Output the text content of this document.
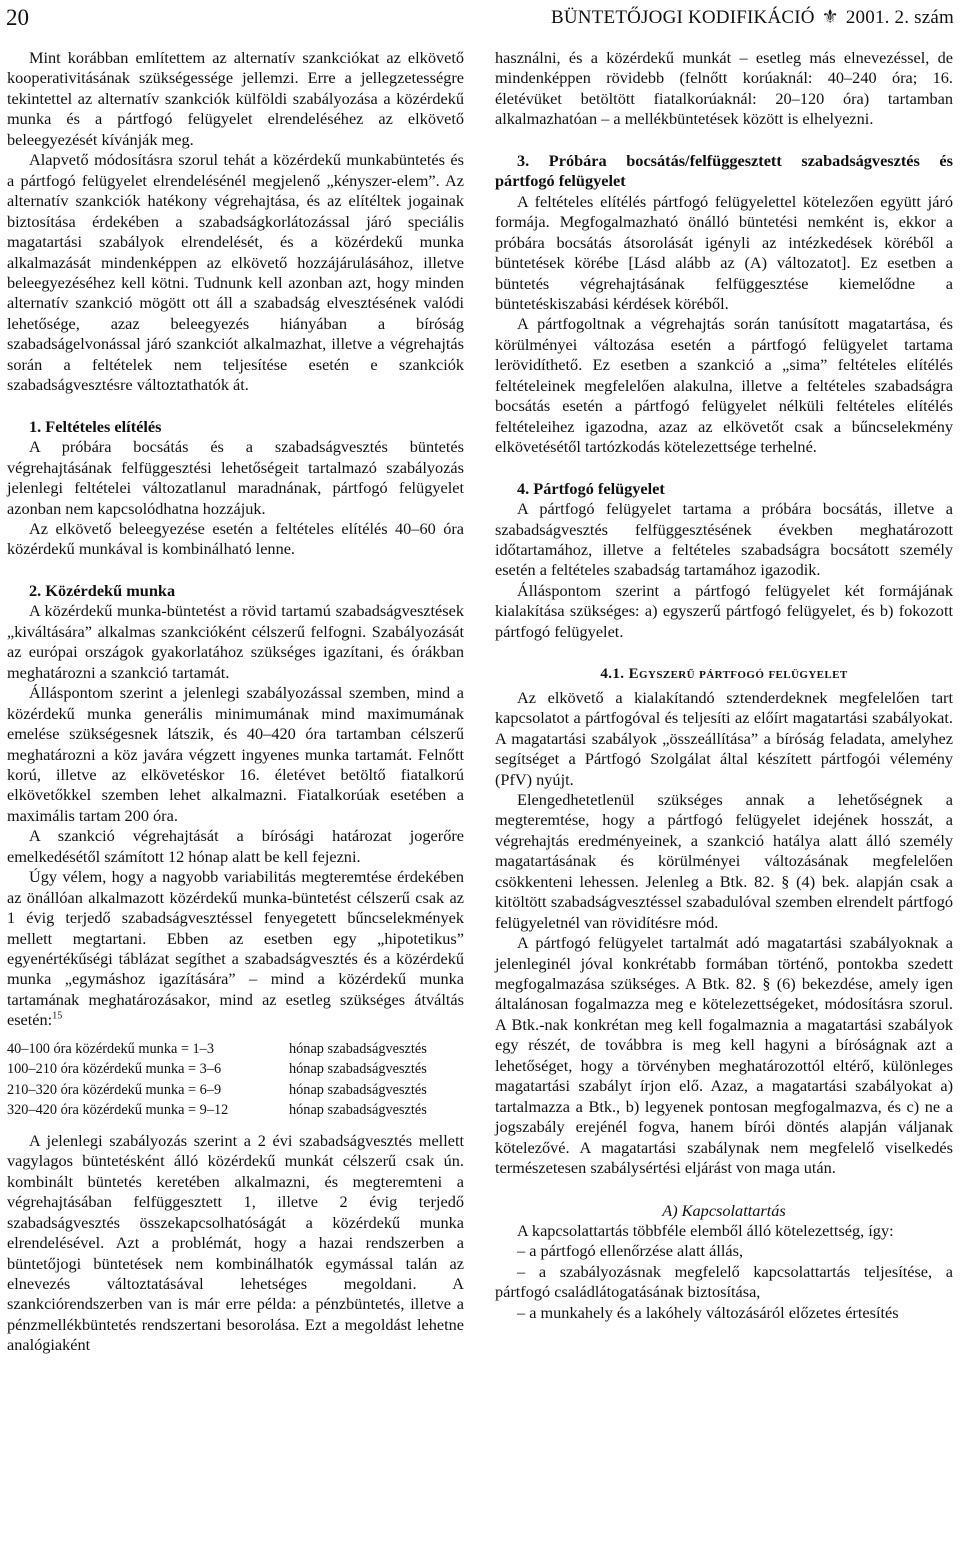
20	BÜNTETŐJOGI KODIFIKÁCIÓ ⚜ 2001. 2. szám

Mint korábban említettem az alternatív szankciókat az elkövető kooperativitásának szükségessége jellemzi. Erre a jellegzetességre tekintettel az alternatív szankciók külföldi szabályozása a közérdekű munka és a pártfogó felügyelet elrendeléséhez az elkövető beleegyezését kívánják meg.

Alapvető módosításra szorul tehát a közérdekű munkabüntetés és a pártfogó felügyelet elrendelésénél megjelenő „kényszer-elem”. Az alternatív szankciók hatékony végrehajtása, és az elítéltek jogainak biztosítása érdekében a szabadságkorlátozással járó speciális magatartási szabályok elrendelését, és a közérdekű munka alkalmazását mindenképpen az elkövető hozzájárulásához, illetve beleegyezéséhez kell kötni. Tudnunk kell azonban azt, hogy minden alternatív szankció mögött ott áll a szabadság elvesztésének valódi lehetősége, azaz beleegyezés hiányában a bíróság szabadságelvonással járó szankciót alkalmazhat, illetve a végrehajtás során a feltételek nem teljesítése esetén e szankciók szabadságvesztésre változtathatók át.

1. Feltételes elítélés

A próbára bocsátás és a szabadságvesztés büntetés végrehajtásának felfüggesztési lehetőségeit tartalmazó szabályozás jelenlegi feltételei változatlanul maradnának, pártfogó felügyelet azonban nem kapcsolódhatna hozzájuk.

Az elkövető beleegyezése esetén a feltételes elítélés 40–60 óra közérdekű munkával is kombinálható lenne.

2. Közérdekű munka

A közérdekű munka-büntetést a rövid tartamú szabadságvesztések „kiváltására” alkalmas szankcióként célszerű felfogni. Szabályozását az európai országok gyakorlatához szükséges igazítani, és órákban meghatározni a szankció tartamát.

Álláspontom szerint a jelenlegi szabályozással szemben, mind a közérdekű munka generális minimumának mind maximumának emelése szükségesnek látszik, és 40–420 óra tartamban célszerű meghatározni a köz javára végzett ingyenes munka tartamát. Felnőtt korú, illetve az elkövetéskor 16. életévet betöltő fiatalkorú elkövetőkkel szemben lehet alkalmazni. Fiatalkorúak esetében a maximális tartam 200 óra.

A szankció végrehajtását a bírósági határozat jogerőre emelkedésétől számított 12 hónap alatt be kell fejezni.

Úgy vélem, hogy a nagyobb variabilitás megteremtése érdekében az önállóan alkalmazott közérdekű munka-büntetést célszerű csak az 1 évig terjedő szabadságvesztéssel fenyegetett bűncselekmények mellett megtartani. Ebben az esetben egy „hipotetikus” egyenértékűségi táblázat segíthet a szabadságvesztés és a közérdekű munka „egymáshoz igazítására” – mind a közérdekű munka tartamának meghatározásakor, mind az esetleg szükséges átváltás esetén:$^{15}$

40–100 óra közérdekű munka = 1–3	hónap szabadságvesztés
100–210 óra közérdekű munka = 3–6	hónap szabadságvesztés
210–320 óra közérdekű munka = 6–9	hónap szabadságvesztés
320–420 óra közérdekű munka = 9–12	hónap szabadságvesztés

A jelenlegi szabályozás szerint a 2 évi szabadságvesztés mellett vagylagos büntetésként álló közérdekű munkát célszerű csak ún. kombinált büntetés keretében alkalmazni, és megteremteni a végrehajtásában felfüggesztett 1, illetve 2 évig terjedő szabadságvesztés összekapcsolhatóságát a közérdekű munka elrendelésével. Azt a problémát, hogy a hazai rendszerben a büntetőjogi büntetések nem kombinálhatók egymással talán az elnevezés változtatásával lehetséges megoldani. A szankciórendszerben van is már erre példa: a pénzbüntetés, illetve a pénzmellékbüntetés rendszertani besorolása. Ezt a megoldást lehetne analógiaként

használni, és a közérdekű munkát – esetleg más elnevezéssel, de mindenképpen rövidebb (felnőtt korúaknál: 40–240 óra; 16. életévüket betöltött fiatalkorúaknál: 20–120 óra) tartamban alkalmazhatóan – a mellékbüntetések között is elhelyezni.

3. Próbára bocsátás/felfüggesztett szabadságvesztés és pártfogó felügyelet

A feltételes elítélés pártfogó felügyelettel kötelezően együtt járó formája. Megfogalmazható önálló büntetési nemként is, ekkor a próbára bocsátás átsorolását igényli az intézkedések köréből a büntetések körébe [Lásd alább az (A) változatot]. Ez esetben a büntetés végrehajtásának felfüggesztése kiemelődne a büntetéskiszabási kérdések köréből.

A pártfogoltnak a végrehajtás során tanúsított magatartása, és körülményei változása esetén a pártfogó felügyelet tartama lerövidíthető. Ez esetben a szankció a „sima” feltételes elítélés feltételeinek megfelelően alakulna, illetve a feltételes szabadságra bocsátás esetén a pártfogó felügyelet nélküli feltételes elítélés feltételeihez igazodna, azaz az elkövetőt csak a bűncselekmény elkövetésétől tartózkodás kötelezettsége terhelné.

4. Pártfogó felügyelet

A pártfogó felügyelet tartama a próbára bocsátás, illetve a szabadságvesztés felfüggesztésének években meghatározott időtartamához, illetve a feltételes szabadságra bocsátott személy esetén a feltételes szabadság tartamához igazodik.

Álláspontom szerint a pártfogó felügyelet két formájának kialakítása szükséges: a) egyszerű pártfogó felügyelet, és b) fokozott pártfogó felügyelet.

4.1. Egyszerű pártfogó felügyelet

Az elkövető a kialakítandó sztenderdeknek megfelelően tart kapcsolatot a pártfogóval és teljesíti az előírt magatartási szabályokat. A magatartási szabályok „összeállítása” a bíróság feladata, amelyhez segítséget a Pártfogó Szolgálat által készített pártfogói vélemény (PfV) nyújt.

Elengedhetetlenül szükséges annak a lehetőségnek a megteremtése, hogy a pártfogó felügyelet idejének hosszát, a végrehajtás eredményeinek, a szankció hatálya alatt álló személy magatartásának és körülményei változásának megfelelően csökkenteni lehessen. Jelenleg a Btk. 82. § (4) bek. alapján csak a kitöltött szabadságvesztéssel szabadulóval szemben elrendelt pártfogó felügyeletnél van rövidítésre mód.

A pártfogó felügyelet tartalmát adó magatartási szabályoknak a jelenleginél jóval konkrétabb formában történő, pontokba szedett megfogalmazása szükséges. A Btk. 82. § (6) bekezdése, amely igen általánosan fogalmazza meg e kötelezettségeket, módosításra szorul. A Btk.-nak konkrétan meg kell fogalmaznia a magatartási szabályok egy részét, de továbbra is meg kell hagyni a bíróságnak azt a lehetőséget, hogy a törvényben meghatározottól eltérő, különleges magatartási szabályt írjon elő. Azaz, a magatartási szabályokat a) tartalmazza a Btk., b) legyenek pontosan megfogalmazva, és c) ne a jogszabály erejénél fogva, hanem bírói döntés alapján váljanak kötelezővé. A magatartási szabálynak nem megfelelő viselkedés természetesen szabálysértési eljárást von maga után.

A) Kapcsolattartás

A kapcsolattartás többféle elemből álló kötelezettség, így:

– a pártfogó ellenőrzése alatt állás,

– a szabályozásnak megfelelő kapcsolattartás teljesítése, a pártfogó családlátogatásának biztosítása,

– a munkahely és a lakóhely változásáról előzetes értesítés
